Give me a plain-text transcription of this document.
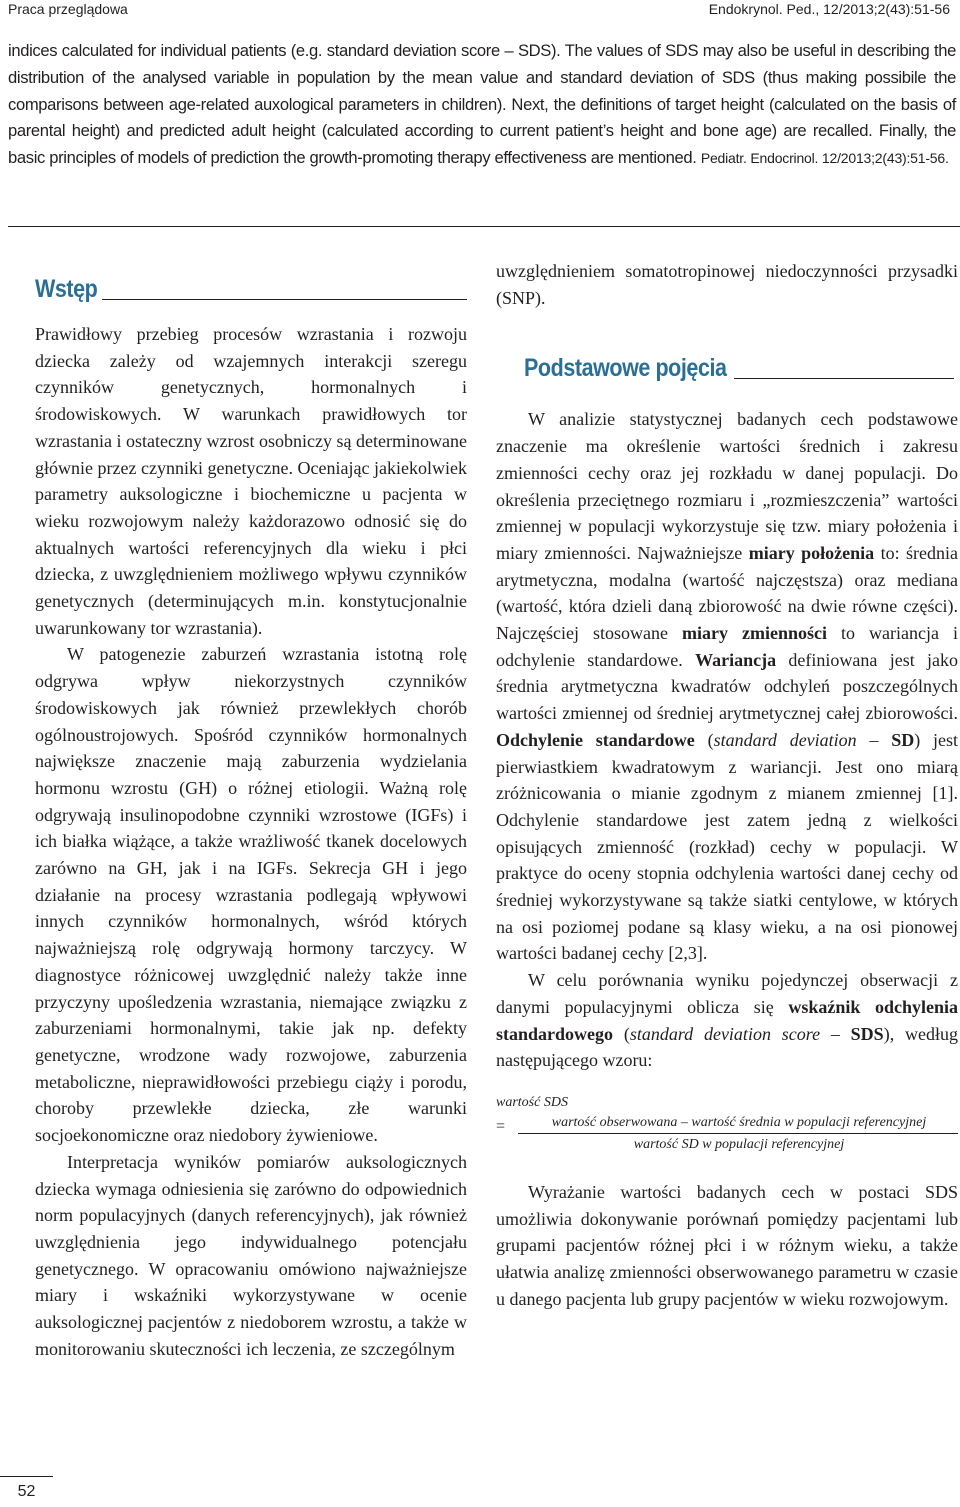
Praca przeglądowa	Endokrynol. Ped., 12/2013;2(43):51-56

indices calculated for individual patients (e.g. standard deviation score – SDS). The values of SDS may also be useful in describing the distribution of the analysed variable in population by the mean value and standard deviation of SDS (thus making possibile the comparisons between age-related auxological parameters in children). Next, the definitions of target height (calculated on the basis of parental height) and predicted adult height (calculated according to current patient’s height and bone age) are recalled. Finally, the basic principles of models of prediction the growth-promoting therapy effectiveness are mentioned. Pediatr. Endocrinol. 12/2013;2(43):51-56.

Wstęp

Prawidłowy przebieg procesów wzrastania i rozwoju dziecka zależy od wzajemnych interakcji szeregu czynników genetycznych, hormonalnych i środowiskowych. W warunkach prawidłowych tor wzrastania i ostateczny wzrost osobniczy są determinowane głównie przez czynniki genetyczne. Oceniając jakiekolwiek parametry auksologiczne i biochemiczne u pacjenta w wieku rozwojowym należy każdorazowo odnosić się do aktualnych wartości referencyjnych dla wieku i płci dziecka, z uwzględnieniem możliwego wpływu czynników genetycznych (determinujących m.in. konstytucjonalnie uwarunkowany tor wzrastania).

W patogenezie zaburzeń wzrastania istotną rolę odgrywa wpływ niekorzystnych czynników środowiskowych jak również przewlekłych chorób ogólnoustrojowych. Spośród czynników hormonalnych największe znaczenie mają zaburzenia wydzielania hormonu wzrostu (GH) o różnej etiologii. Ważną rolę odgrywają insulinopodobne czynniki wzrostowe (IGFs) i ich białka wiążące, a także wrażliwość tkanek docelowych zarówno na GH, jak i na IGFs. Sekrecja GH i jego działanie na procesy wzrastania podlegają wpływowi innych czynników hormonalnych, wśród których najważniejszą rolę odgrywają hormony tarczycy. W diagnostyce różnicowej uwzględnić należy także inne przyczyny upośledzenia wzrastania, niemające związku z zaburzeniami hormonalnymi, takie jak np. defekty genetyczne, wrodzone wady rozwojowe, zaburzenia metaboliczne, nieprawidłowości przebiegu ciąży i porodu, choroby przewlekłe dziecka, złe warunki socjoekonomiczne oraz niedobory żywieniowe.

Interpretacja wyników pomiarów auksologicznych dziecka wymaga odniesienia się zarówno do odpowiednich norm populacyjnych (danych referencyjnych), jak również uwzględnienia jego indywidualnego potencjału genetycznego. W opracowaniu omówiono najważniejsze miary i wskaźniki wykorzystywane w ocenie auksologicznej pacjentów z niedoborem wzrostu, a także w monitorowaniu skuteczności ich leczenia, ze szczególnym

uwzględnieniem somatotropinowej niedoczynności przysadki (SNP).

Podstawowe pojęcia

W analizie statystycznej badanych cech podstawowe znaczenie ma określenie wartości średnich i zakresu zmienności cechy oraz jej rozkładu w danej populacji. Do określenia przeciętnego rozmiaru i „rozmieszczenia” wartości zmiennej w populacji wykorzystuje się tzw. miary położenia i miary zmienności. Najważniejsze miary położenia to: średnia arytmetyczna, modalna (wartość najczęstsza) oraz mediana (wartość, która dzieli daną zbiorowość na dwie równe części). Najczęściej stosowane miary zmienności to wariancja i odchylenie standardowe. Wariancja definiowana jest jako średnia arytmetyczna kwadratów odchyleń poszczególnych wartości zmiennej od średniej arytmetycznej całej zbiorowości. Odchylenie standardowe (standard deviation – SD) jest pierwiastkiem kwadratowym z wariancji. Jest ono miarą zróżnicowania o mianie zgodnym z mianem zmiennej [1]. Odchylenie standardowe jest zatem jedną z wielkości opisujących zmienność (rozkład) cechy w populacji. W praktyce do oceny stopnia odchylenia wartości danej cechy od średniej wykorzystywane są także siatki centylowe, w których na osi poziomej podane są klasy wieku, a na osi pionowej wartości badanej cechy [2,3].

W celu porównania wyniku pojedynczej obserwacji z danymi populacyjnymi oblicza się wskaźnik odchylenia standardowego (standard deviation score – SDS), według następującego wzoru:

wartość SDS
=	wartość obserwowana – wartość średnia w populacji referencyjnej
wartość SD w populacji referencyjnej

Wyrażanie wartości badanych cech w postaci SDS umożliwia dokonywanie porównań pomiędzy pacjentami lub grupami pacjentów różnej płci i w różnym wieku, a także ułatwia analizę zmienności obserwowanego parametru w czasie u danego pacjenta lub grupy pacjentów w wieku rozwojowym.

52
